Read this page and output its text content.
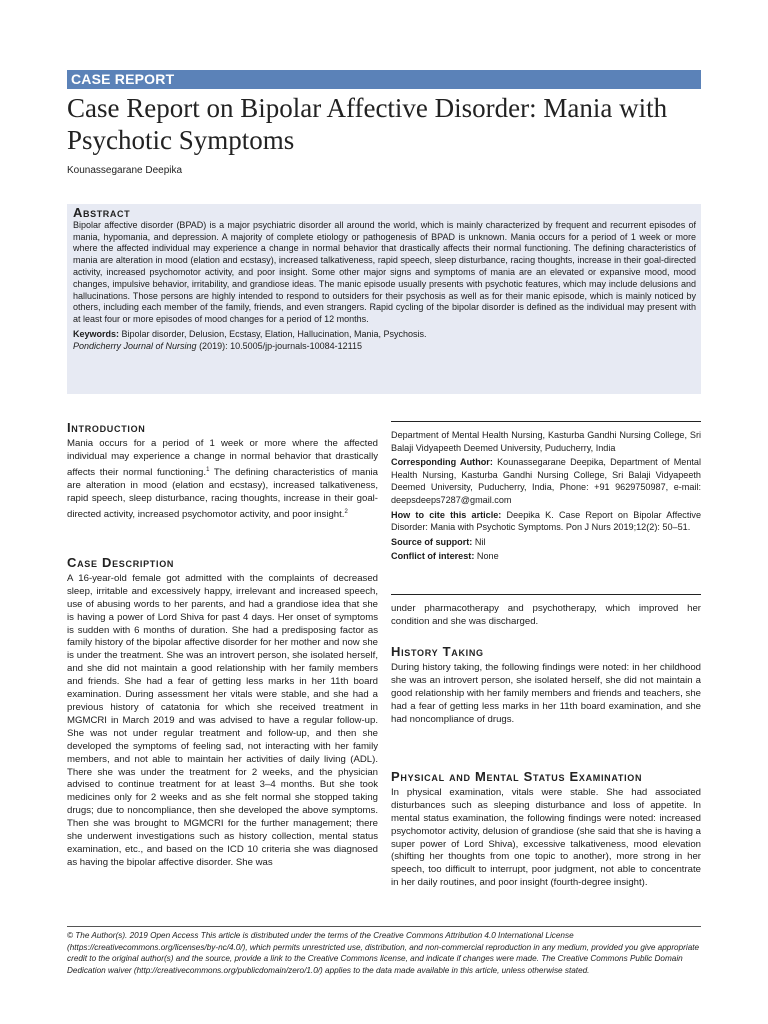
CASE REPORT
Case Report on Bipolar Affective Disorder: Mania with Psychotic Symptoms
Kounassegarane Deepika
Abstract

Bipolar affective disorder (BPAD) is a major psychiatric disorder all around the world, which is mainly characterized by frequent and recurrent episodes of mania, hypomania, and depression. A majority of complete etiology or pathogenesis of BPAD is unknown. Mania occurs for a period of 1 week or more where the affected individual may experience a change in normal behavior that drastically affects their normal functioning. The defining characteristics of mania are alteration in mood (elation and ecstasy), increased talkativeness, rapid speech, sleep disturbance, racing thoughts, increase in their goal-directed activity, increased psychomotor activity, and poor insight. Some other major signs and symptoms of mania are an elevated or expansive mood, mood changes, impulsive behavior, irritability, and grandiose ideas. The manic episode usually presents with psychotic features, which may include delusions and hallucinations. Those persons are highly intended to respond to outsiders for their psychosis as well as for their manic episode, which is mainly noticed by others, including each member of the family, friends, and even strangers. Rapid cycling of the bipolar disorder is defined as the individual may present with at least four or more episodes of mood changes for a period of 12 months.

Keywords: Bipolar disorder, Delusion, Ecstasy, Elation, Hallucination, Mania, Psychosis.

Pondicherry Journal of Nursing (2019): 10.5005/jp-journals-10084-12115

Introduction

Mania occurs for a period of 1 week or more where the affected individual may experience a change in normal behavior that drastically affects their normal functioning.$^1$ The defining characteristics of mania are alteration in mood (elation and ecstasy), increased talkativeness, rapid speech, sleep disturbance, racing thoughts, increase in their goal-directed activity, increased psychomotor activity, and poor insight.$^2$

Case Description

A 16-year-old female got admitted with the complaints of decreased sleep, irritable and excessively happy, irrelevant and increased speech, use of abusing words to her parents, and had a grandiose idea that she is having a power of Lord Shiva for past 4 days. Her onset of symptoms is sudden with 6 months of duration. She had a predisposing factor as family history of the bipolar affective disorder for her mother and now she is under the treatment. She was an introvert person, she isolated herself, and she did not maintain a good relationship with her family members and friends. She had a fear of getting less marks in her 11th board examination. During assessment her vitals were stable, and she had a previous history of catatonia for which she received treatment in MGMCRI in March 2019 and was advised to have a regular follow-up. She was not under regular treatment and follow-up, and then she developed the symptoms of feeling sad, not interacting with her family members, and not able to maintain her activities of daily living (ADL). There she was under the treatment for 2 weeks, and the physician advised to continue treatment for at least 3–4 months. But she took medicines only for 2 weeks and as she felt normal she stopped taking drugs; due to noncompliance, then she developed the above symptoms. Then she was brought to MGMCRI for the further management; there she underwent investigations such as history collection, mental status examination, etc., and based on the ICD 10 criteria she was diagnosed as having the bipolar affective disorder. She was

Department of Mental Health Nursing, Kasturba Gandhi Nursing College, Sri Balaji Vidyapeeth Deemed University, Puducherry, India

Corresponding Author: Kounassegarane Deepika, Department of Mental Health Nursing, Kasturba Gandhi Nursing College, Sri Balaji Vidyapeeth Deemed University, Puducherry, India, Phone: +91 9629750987, e-mail: deepsdeeps7287@gmail.com

How to cite this article: Deepika K. Case Report on Bipolar Affective Disorder: Mania with Psychotic Symptoms. Pon J Nurs 2019;12(2): 50–51.

Source of support: Nil

Conflict of interest: None

under pharmacotherapy and psychotherapy, which improved her condition and she was discharged.

History Taking

During history taking, the following findings were noted: in her childhood she was an introvert person, she isolated herself, she did not maintain a good relationship with her family members and friends and teachers, she had a fear of getting less marks in her 11th board examination, and she had noncompliance of drugs.

Physical and Mental Status Examination

In physical examination, vitals were stable. She had associated disturbances such as sleeping disturbance and loss of appetite. In mental status examination, the following findings were noted: increased psychomotor activity, delusion of grandiose (she said that she is having a super power of Lord Shiva), excessive talkativeness, mood elevation (shifting her thoughts from one topic to another), more strong in her speech, too difficult to interrupt, poor judgment, not able to concentrate in her daily routines, and poor insight (fourth-degree insight).

© The Author(s). 2019 Open Access This article is distributed under the terms of the Creative Commons Attribution 4.0 International License (https://creativecommons.org/licenses/by-nc/4.0/), which permits unrestricted use, distribution, and non-commercial reproduction in any medium, provided you give appropriate credit to the original author(s) and the source, provide a link to the Creative Commons license, and indicate if changes were made. The Creative Commons Public Domain Dedication waiver (http://creativecommons.org/publicdomain/zero/1.0/) applies to the data made available in this article, unless otherwise stated.
